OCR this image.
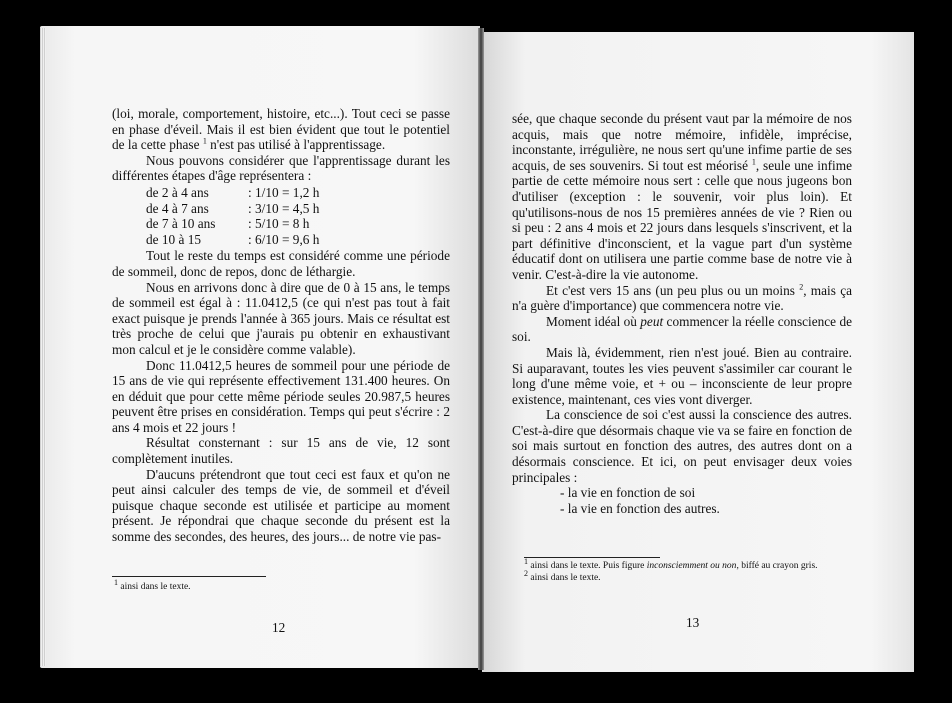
(loi, morale, comportement, histoire, etc...). Tout ceci se passe en phase d'éveil. Mais il est bien évident que tout le potentiel de la cette phase $^1$ n'est pas utilisé à l'apprentissage.

Nous pouvons considérer que l'apprentissage durant les différentes étapes d'âge représentera :

de 2 à 4 ans	: 1/10 = 1,2 h
de 4 à 7 ans	: 3/10 = 4,5 h
de 7 à 10 ans	: 5/10 = 8 h
de 10 à 15	: 6/10 = 9,6 h

Tout le reste du temps est considéré comme une période de sommeil, donc de repos, donc de léthargie.

Nous en arrivons donc à dire que de 0 à 15 ans, le temps de sommeil est égal à : 11.0412,5 (ce qui n'est pas tout à fait exact puisque je prends l'année à 365 jours. Mais ce résultat est très proche de celui que j'aurais pu obtenir en exhaustivant mon calcul et je le considère comme valable).

Donc 11.0412,5 heures de sommeil pour une période de 15 ans de vie qui représente effectivement 131.400 heures. On en déduit que pour cette même période seules 20.987,5 heures peuvent être prises en considération. Temps qui peut s'écrire : 2 ans 4 mois et 22 jours !

Résultat consternant : sur 15 ans de vie, 12 sont complètement inutiles.

D'aucuns prétendront que tout ceci est faux et qu'on ne peut ainsi calculer des temps de vie, de sommeil et d'éveil puisque chaque seconde est utilisée et participe au moment présent. Je répondrai que chaque seconde du présent est la somme des secondes, des heures, des jours... de notre vie pas-

$^1$ ainsi dans le texte.
12

sée, que chaque seconde du présent vaut par la mémoire de nos acquis, mais que notre mémoire, infidèle, imprécise, inconstante, irrégulière, ne nous sert qu'une infime partie de ses acquis, de ses souvenirs. Si tout est méorisé $^1$, seule une infime partie de cette mémoire nous sert : celle que nous jugeons bon d'utiliser (exception : le souvenir, voir plus loin). Et qu'utilisons-nous de nos 15 premières années de vie ? Rien ou si peu : 2 ans 4 mois et 22 jours dans lesquels s'inscrivent, et la part définitive d'inconscient, et la vague part d'un système éducatif dont on utilisera une partie comme base de notre vie à venir. C'est-à-dire la vie autonome.

Et c'est vers 15 ans (un peu plus ou un moins $^2$, mais ça n'a guère d'importance) que commencera notre vie.

Moment idéal où peut commencer la réelle conscience de soi.

Mais là, évidemment, rien n'est joué. Bien au contraire. Si auparavant, toutes les vies peuvent s'assimiler car courant le long d'une même voie, et + ou – inconsciente de leur propre existence, maintenant, ces vies vont diverger.

La conscience de soi c'est aussi la conscience des autres. C'est-à-dire que désormais chaque vie va se faire en fonction de soi mais surtout en fonction des autres, des autres dont on a désormais conscience. Et ici, on peut envisager deux voies principales :

- la vie en fonction de soi
- la vie en fonction des autres.
$^1$ ainsi dans le texte. Puis figure inconsciemment ou non, biffé au crayon gris.
$^2$ ainsi dans le texte.
13
